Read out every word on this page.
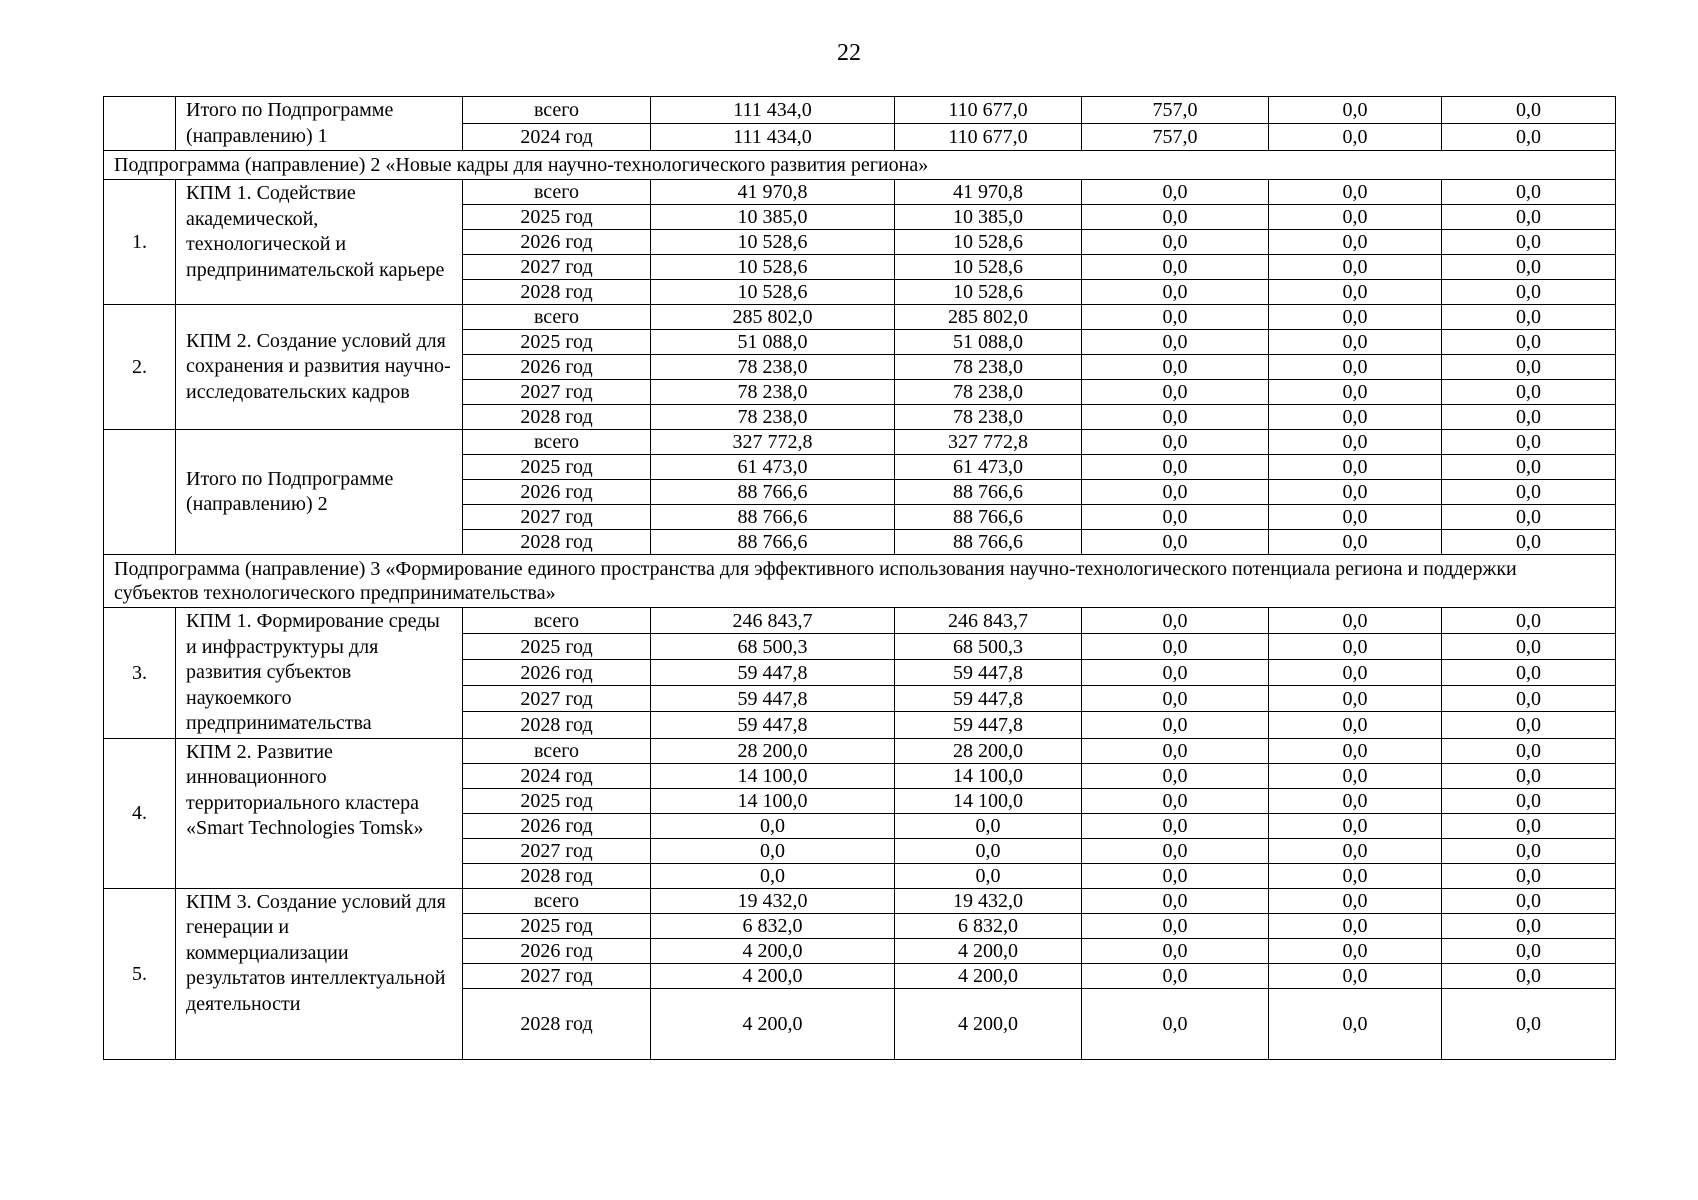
22
	Итого по Подпрограмме (направлению) 1	всего	111 434,0	110 677,0	757,0	0,0	0,0
		2024 год	111 434,0	110 677,0	757,0	0,0	0,0
Подпрограмма (направление) 2 «Новые кадры для научно-технологического развития региона»							
1.	КПМ 1. Содействие академической, технологической и предпринимательской карьере	всего	41 970,8	41 970,8	0,0	0,0	0,0
		2025 год	10 385,0	10 385,0	0,0	0,0	0,0
		2026 год	10 528,6	10 528,6	0,0	0,0	0,0
		2027 год	10 528,6	10 528,6	0,0	0,0	0,0
		2028 год	10 528,6	10 528,6	0,0	0,0	0,0
2.	КПМ 2. Создание условий для сохранения и развития научно-исследовательских кадров	всего	285 802,0	285 802,0	0,0	0,0	0,0
		2025 год	51 088,0	51 088,0	0,0	0,0	0,0
		2026 год	78 238,0	78 238,0	0,0	0,0	0,0
		2027 год	78 238,0	78 238,0	0,0	0,0	0,0
		2028 год	78 238,0	78 238,0	0,0	0,0	0,0
	Итого по Подпрограмме (направлению) 2	всего	327 772,8	327 772,8	0,0	0,0	0,0
		2025 год	61 473,0	61 473,0	0,0	0,0	0,0
		2026 год	88 766,6	88 766,6	0,0	0,0	0,0
		2027 год	88 766,6	88 766,6	0,0	0,0	0,0
		2028 год	88 766,6	88 766,6	0,0	0,0	0,0
Подпрограмма (направление) 3 «Формирование единого пространства для эффективного использования научно-технологического потенциала региона и поддержки субъектов технологического предпринимательства»							
3.	КПМ 1. Формирование среды и инфраструктуры для развития субъектов наукоемкого предпринимательства	всего	246 843,7	246 843,7	0,0	0,0	0,0
		2025 год	68 500,3	68 500,3	0,0	0,0	0,0
		2026 год	59 447,8	59 447,8	0,0	0,0	0,0
		2027 год	59 447,8	59 447,8	0,0	0,0	0,0
		2028 год	59 447,8	59 447,8	0,0	0,0	0,0
4.	КПМ 2. Развитие инновационного территориального кластера «Smart Technologies Tomsk»	всего	28 200,0	28 200,0	0,0	0,0	0,0
		2024 год	14 100,0	14 100,0	0,0	0,0	0,0
		2025 год	14 100,0	14 100,0	0,0	0,0	0,0
		2026 год	0,0	0,0	0,0	0,0	0,0
		2027 год	0,0	0,0	0,0	0,0	0,0
		2028 год	0,0	0,0	0,0	0,0	0,0
5.	КПМ 3. Создание условий для генерации и коммерциализации результатов интеллектуальной деятельности	всего	19 432,0	19 432,0	0,0	0,0	0,0
		2025 год	6 832,0	6 832,0	0,0	0,0	0,0
		2026 год	4 200,0	4 200,0	0,0	0,0	0,0
		2027 год	4 200,0	4 200,0	0,0	0,0	0,0
		2028 год	4 200,0	4 200,0	0,0	0,0	0,0
